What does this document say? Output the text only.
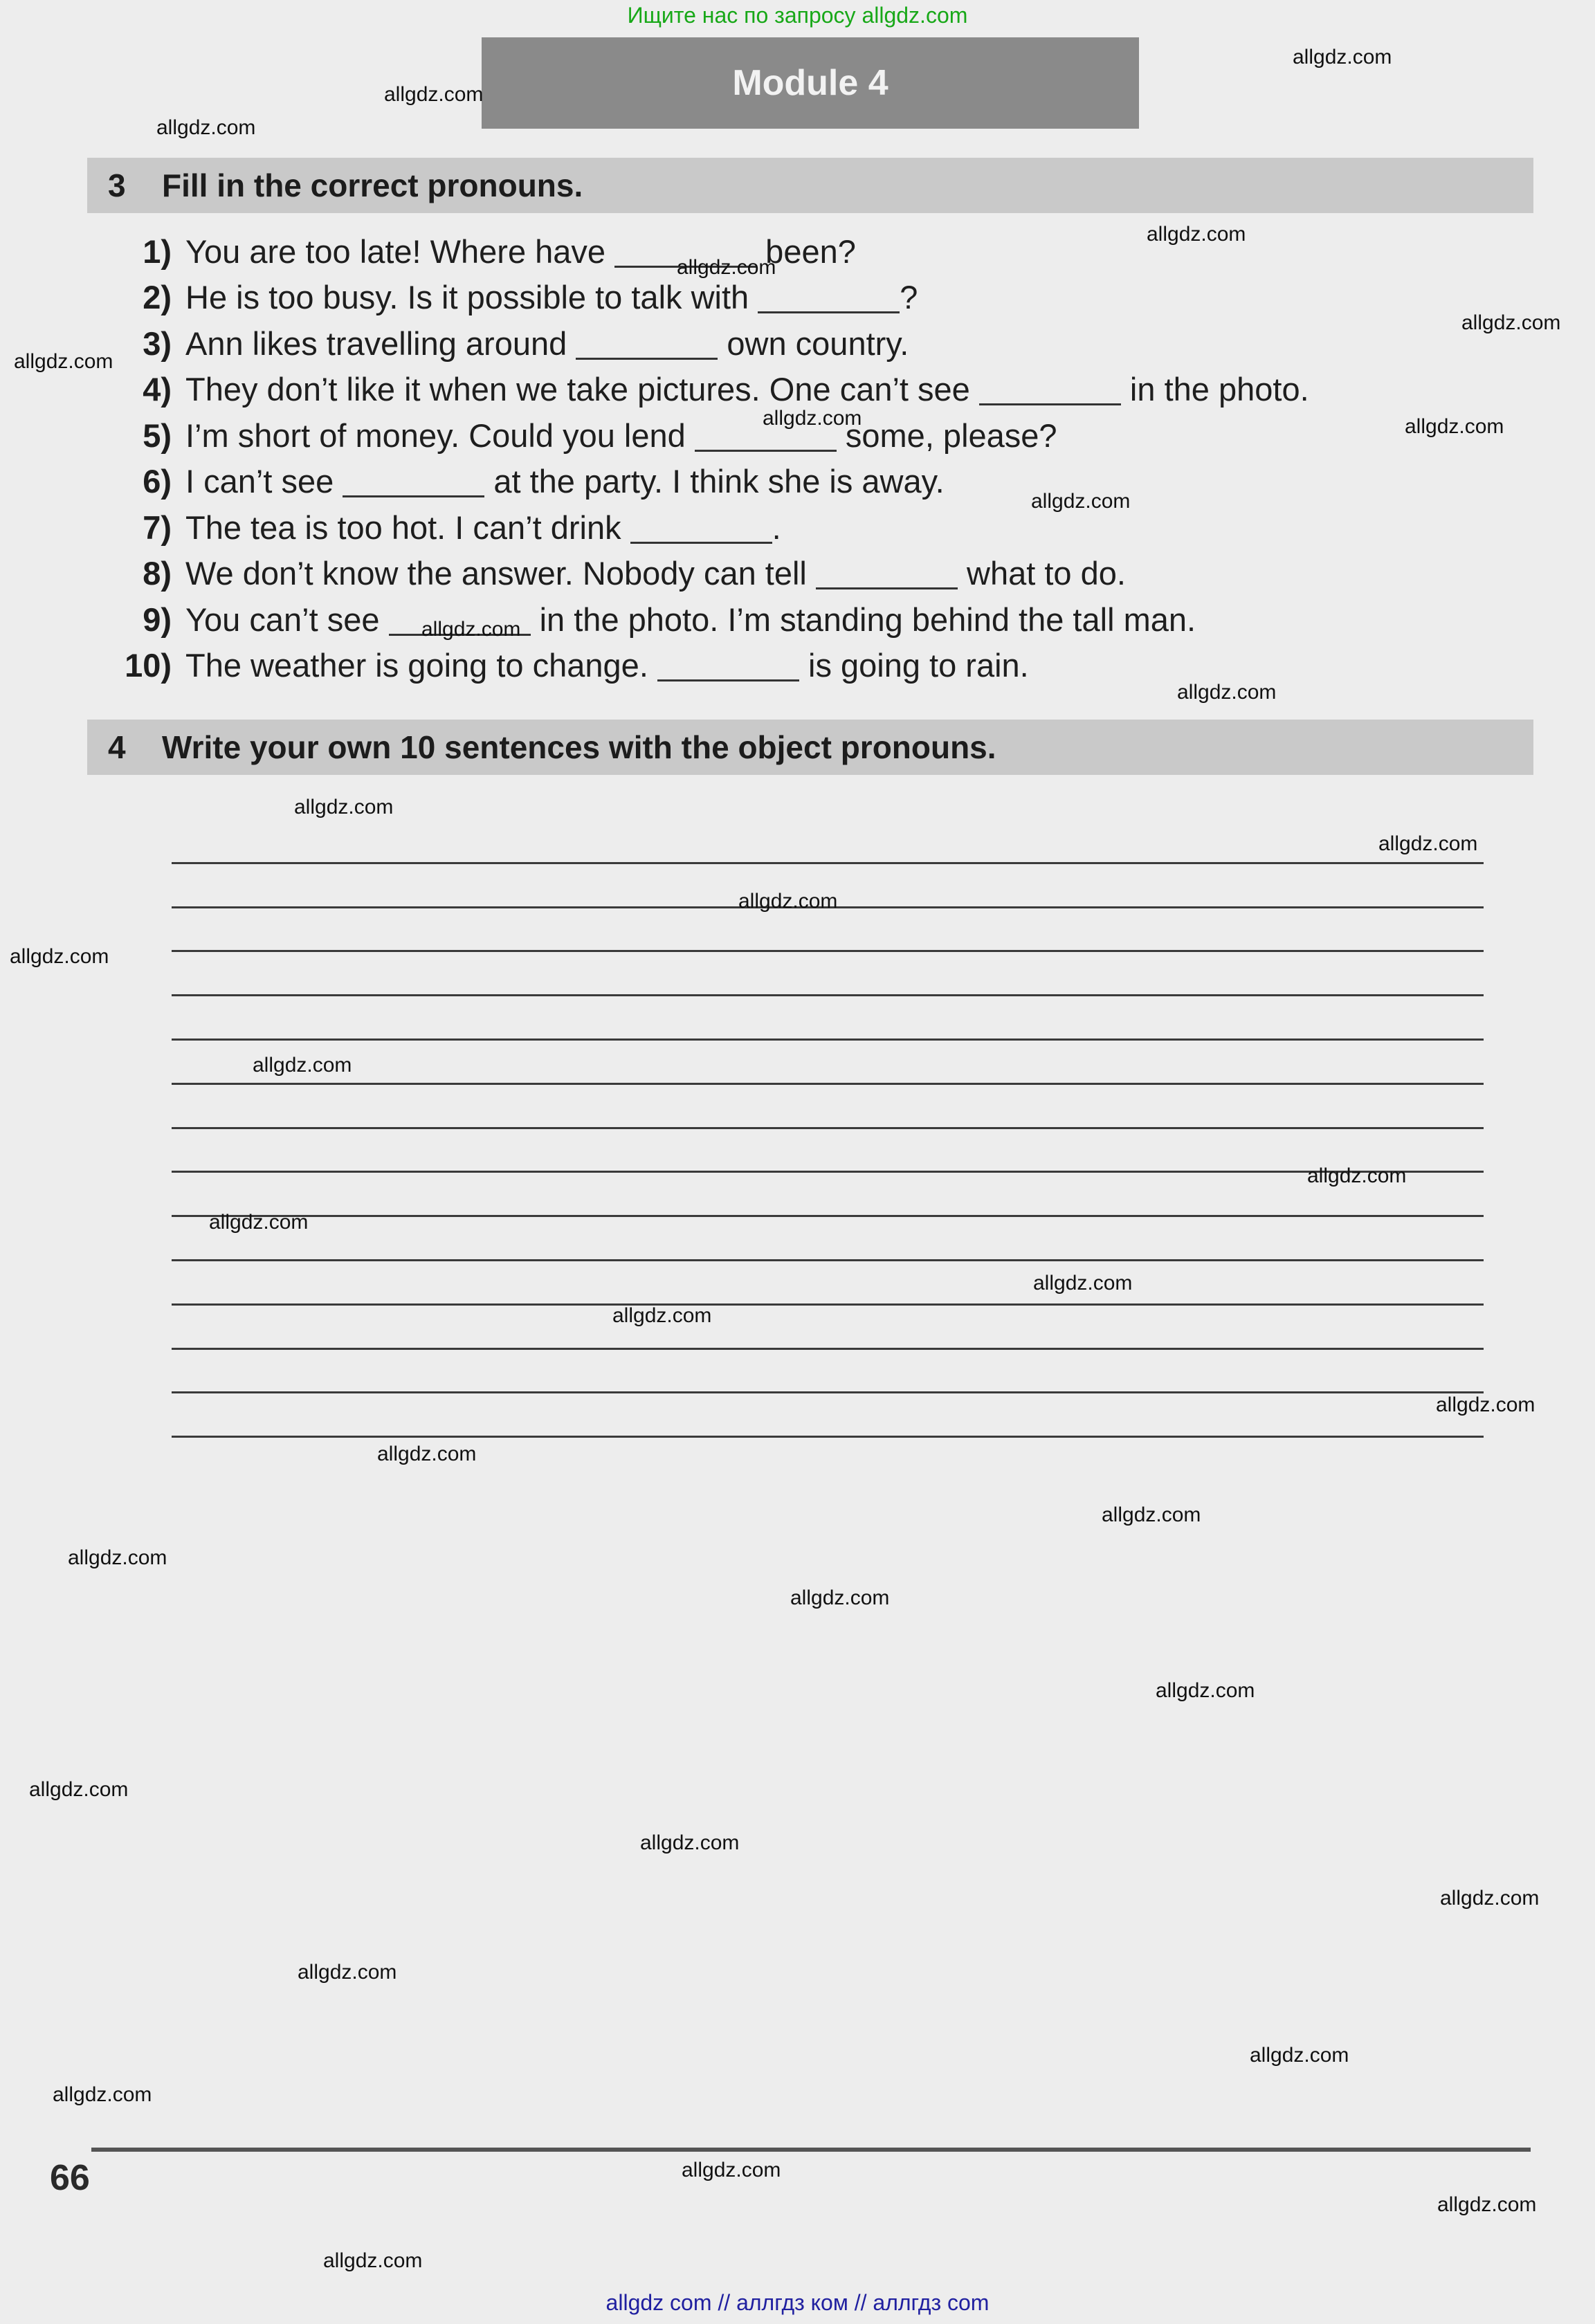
Ищите нас по запросу allgdz.com
Module 4
3	Fill in the correct pronouns.
1) You are too late! Where have	been?
2) He is too busy. Is it possible to talk with	?
3) Ann likes travelling around	own country.
4) They don’t like it when we take pictures. One can’t see	in the photo.
5) I’m short of money. Could you lend	some, please?
6) I can’t see	at the party. I think she is away.
7) The tea is too hot. I can’t drink	.
8) We don’t know the answer. Nobody can tell	what to do.
9) You can’t see	in the photo. I’m standing behind the tall man.
10) The weather is going to change.	is going to rain.
4	Write your own 10 sentences with the object pronouns.
66
allgdz com // аллгдз ком // аллгдз com
allgdz.com
allgdz.com
allgdz.com
allgdz.com
allgdz.com
allgdz.com
allgdz.com
allgdz.com	allgdz.com
allgdz.com
allgdz.com
allgdz.com
allgdz.com
allgdz.com
allgdz.com
allgdz.com
allgdz.com
allgdz.com
allgdz.com
allgdz.com
allgdz.com
allgdz.com
allgdz.com
allgdz.com
allgdz.com
allgdz.com
allgdz.com
allgdz.com
allgdz.com
allgdz.com
allgdz.com
allgdz.com
allgdz.com
allgdz.com
allgdz.com
allgdz.com
